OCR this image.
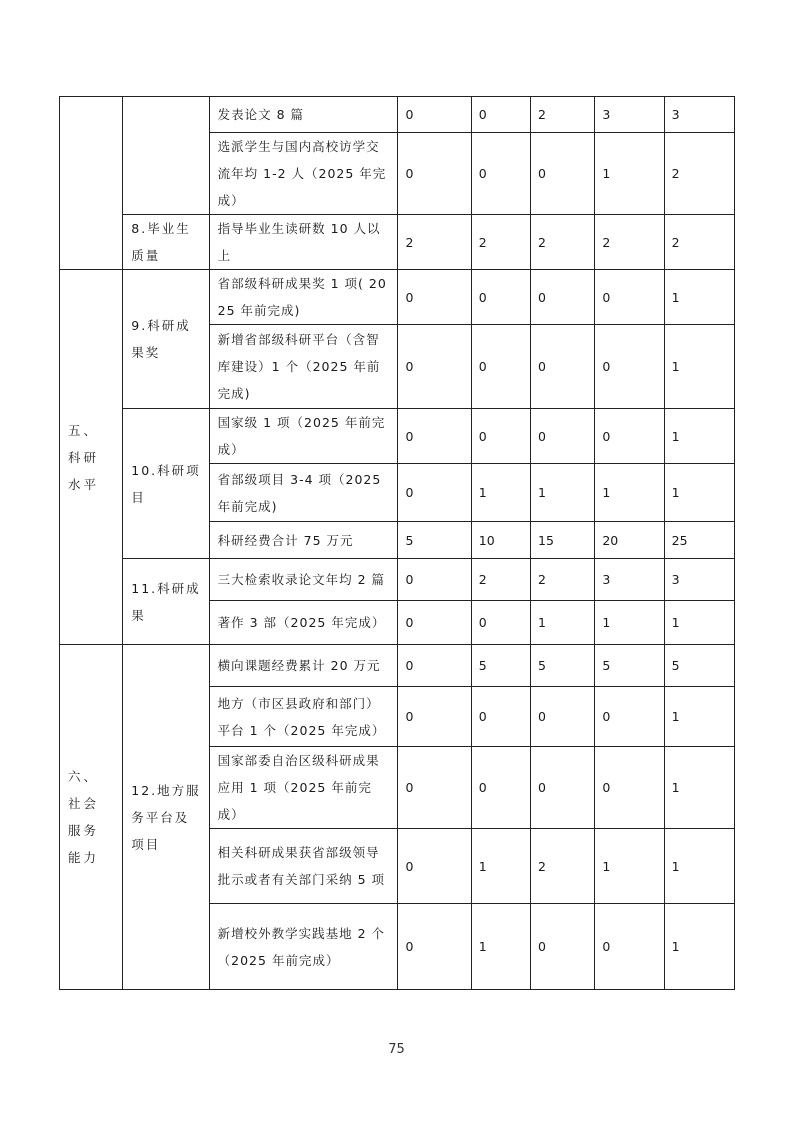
		发表论文 8 篇	0	0	2	3	3
		选派学生与国内高校访学交流年均 1-2 人（2025 年完成）	0	0	0	1	2
	8.毕业生质量	指导毕业生读研数 10 人以上	2	2	2	2	2
五、科研水平	9.科研成果奖	省部级科研成果奖 1 项( 2025 年前完成)	0	0	0	0	1
		新增省部级科研平台（含智库建设）1 个（2025 年前完成)	0	0	0	0	1
	10.科研项目	国家级 1 项（2025 年前完成）	0	0	0	0	1
		省部级项目 3-4 项（2025 年前完成)	0	1	1	1	1
		科研经费合计 75 万元	5	10	15	20	25
	11.科研成果	三大检索收录论文年均 2 篇	0	2	2	3	3
		著作 3 部（2025 年完成）	0	0	1	1	1
六、社会服务能力	12.地方服务平台及项目	横向课题经费累计 20 万元	0	5	5	5	5
		地方（市区县政府和部门）平台 1 个（2025 年完成）	0	0	0	0	1
		国家部委自治区级科研成果应用 1 项（2025 年前完成）	0	0	0	0	1
		相关科研成果获省部级领导批示或者有关部门采纳 5 项	0	1	2	1	1
		新增校外教学实践基地 2 个（2025 年前完成）	0	1	0	0	1
75
